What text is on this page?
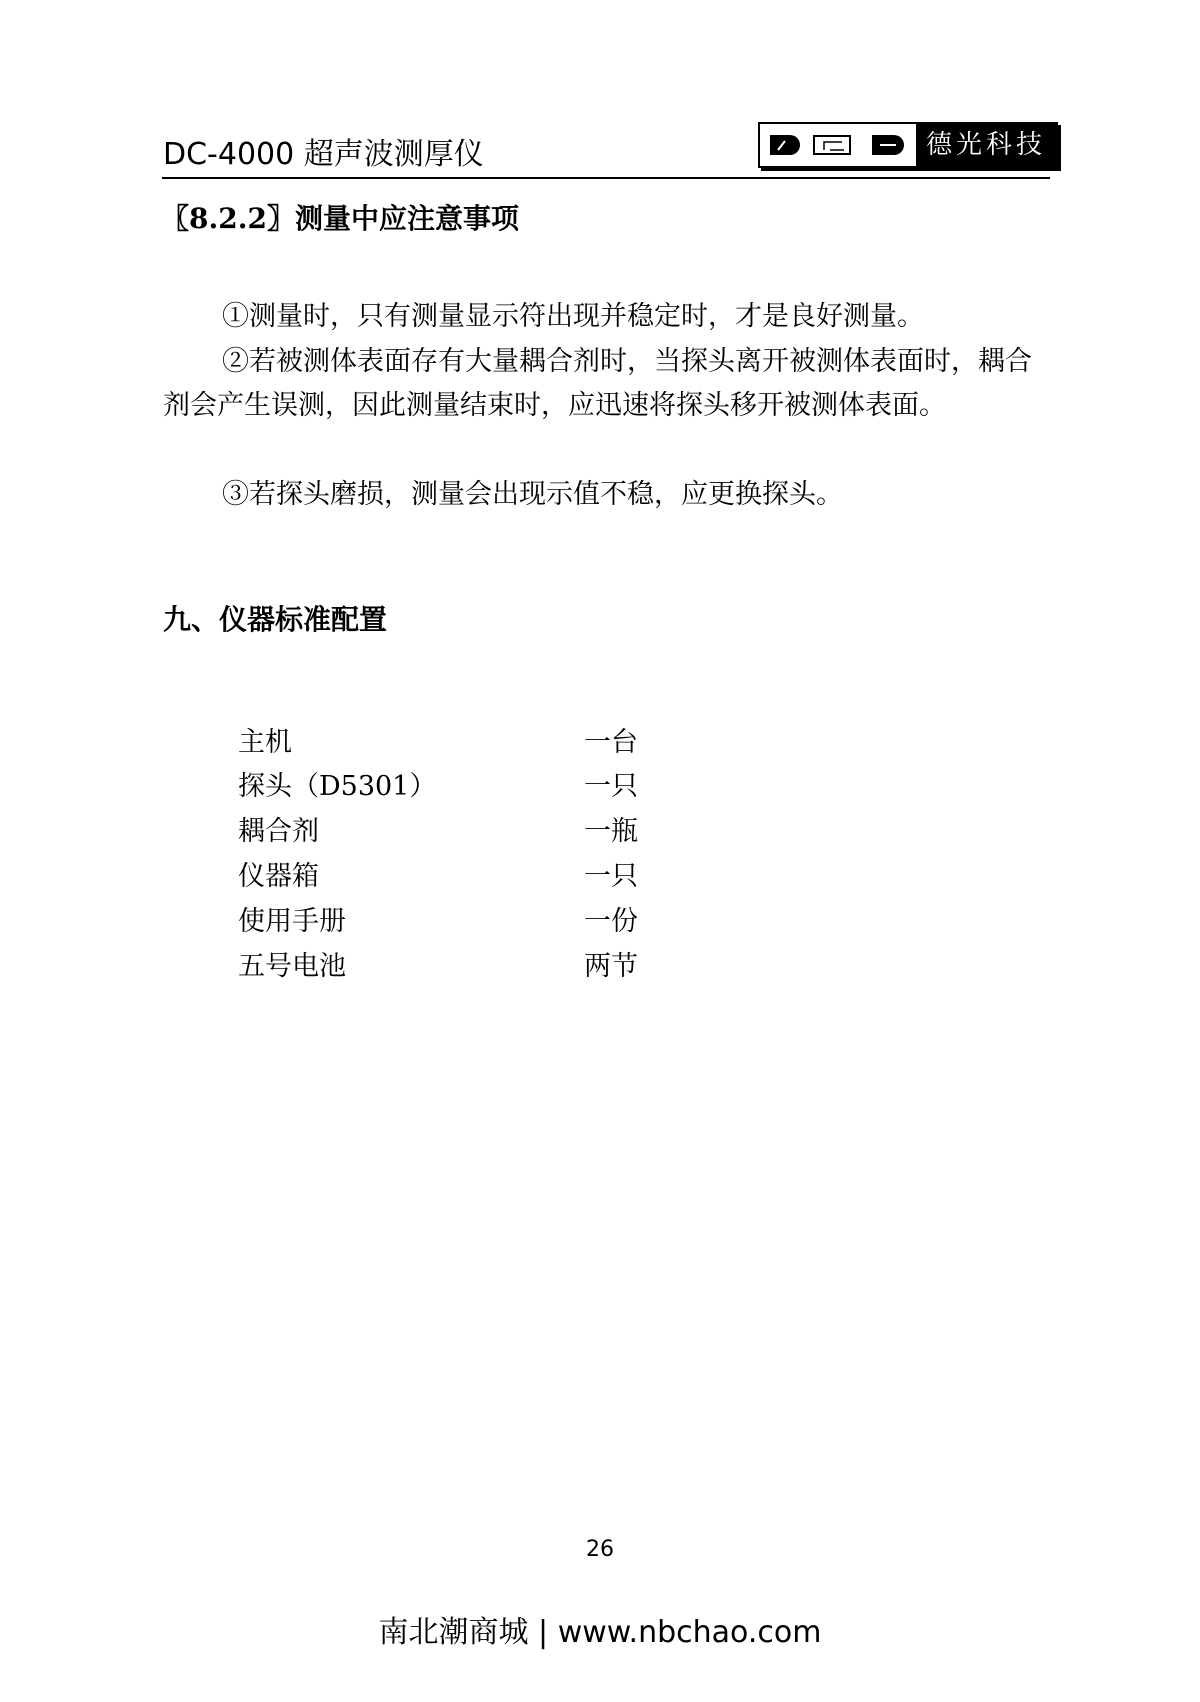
DC-4000 超声波测厚仪	德光科技
〖8.2.2〗测量中应注意事项
①测量时，只有测量显示符出现并稳定时，才是良好测量。
②若被测体表面存有大量耦合剂时，当探头离开被测体表面时，耦合剂会产生误测，因此测量结束时，应迅速将探头移开被测体表面。
③若探头磨损，测量会出现示值不稳，应更换探头。
九、仪器标准配置
主机	一台
探头（D5301）	一只
耦合剂	一瓶
仪器箱	一只
使用手册	一份
五号电池	两节
26
南北潮商城 | www.nbchao.com
